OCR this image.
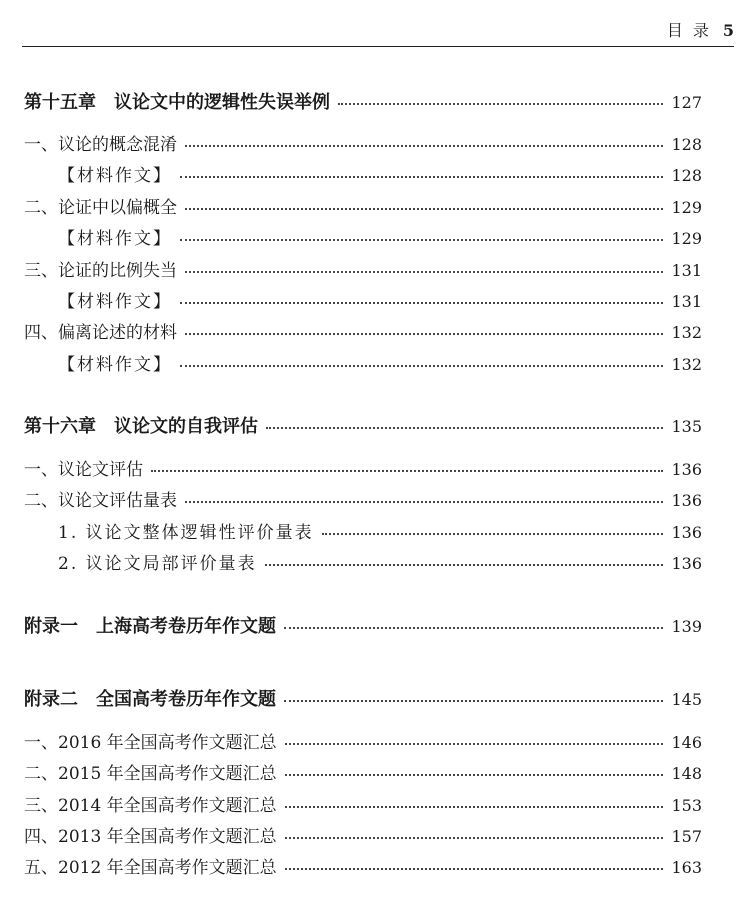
目录 5
第十五章　议论文中的逻辑性失误举例	127
一、议论的概念混淆	128
【材料作文】	128
二、论证中以偏概全	129
【材料作文】	129
三、论证的比例失当	131
【材料作文】	131
四、偏离论述的材料	132
【材料作文】	132
第十六章　议论文的自我评估	135
一、议论文评估	136
二、议论文评估量表	136
1. 议论文整体逻辑性评价量表	136
2. 议论文局部评价量表	136
附录一　上海高考卷历年作文题	139
附录二　全国高考卷历年作文题	145
一、2016 年全国高考作文题汇总	146
二、2015 年全国高考作文题汇总	148
三、2014 年全国高考作文题汇总	153
四、2013 年全国高考作文题汇总	157
五、2012 年全国高考作文题汇总	163
